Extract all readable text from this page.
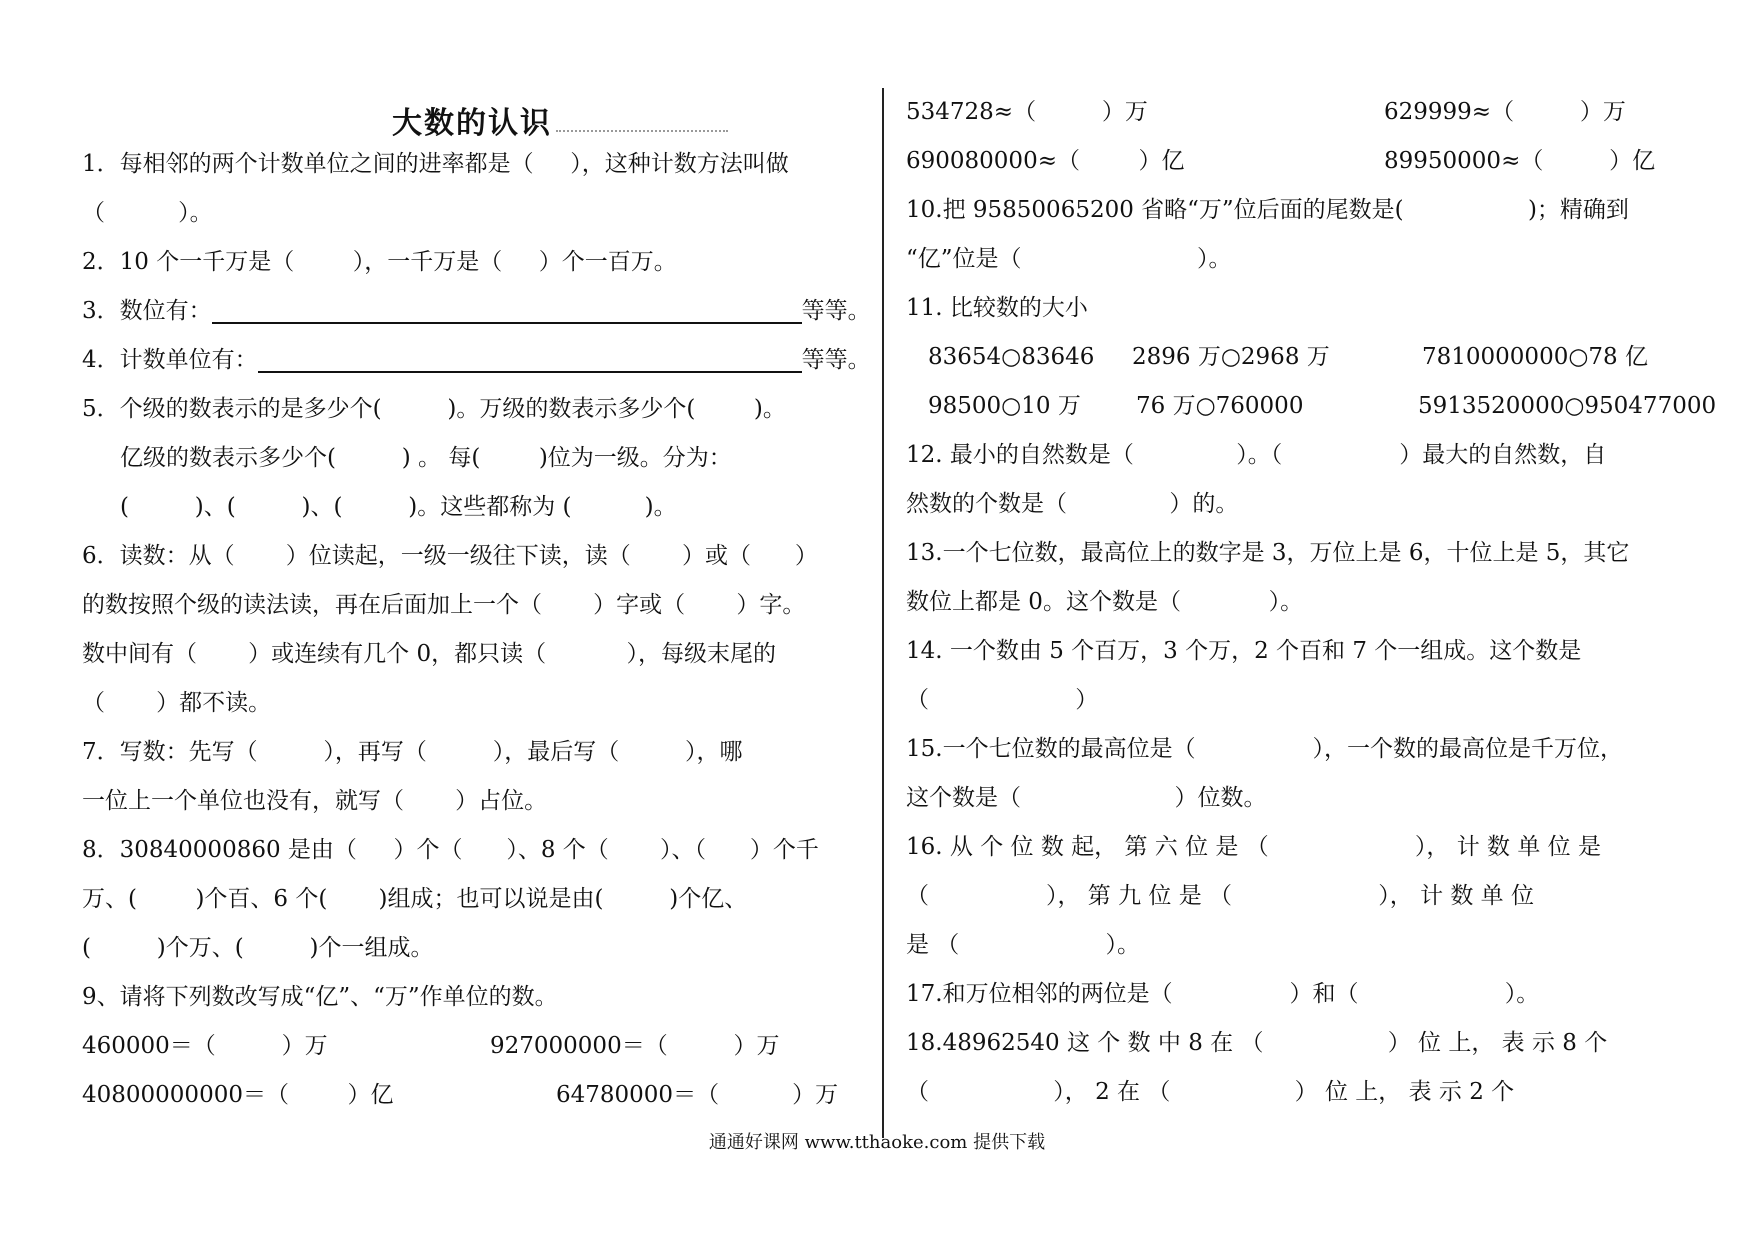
大数的认识
1．每相邻的两个计数单位之间的进率都是（     ），这种计数方法叫做
（          ）。
2．10 个一千万是（        ），一千万是（     ）个一百万。
3．数位有：	等等。
4．计数单位有：	等等。
5．个级的数表示的是多少个(         )。万级的数表示多少个(        )。
亿级的数表示多少个(         ) 。 每(        )位为一级。分为：
(         )、(         )、(         )。这些都称为 (          )。
6．读数：从（       ）位读起，一级一级往下读，读（       ）或（      ）
的数按照个级的读法读，再在后面加上一个（       ）字或（       ）字。
数中间有（       ）或连续有几个 0，都只读（           ），每级末尾的
（       ）都不读。
7．写数：先写（         ），再写（         ），最后写（         ），哪
一位上一个单位也没有，就写（       ）占位。
8．30840000860 是由（     ）个（      ）、8 个（       ）、（      ）个千
万、(        )个百、6 个(       )组成；也可以说是由(         )个亿、
(         )个万、(         )个一组成。
9、请将下列数改写成“亿”、“万”作单位的数。
460000＝（         ）万	927000000＝（         ）万
40800000000＝（        ）亿	64780000＝（          ）万
534728≈（         ）万	629999≈（         ）万
690080000≈（        ）亿	89950000≈（         ）亿
10.把 95850065200 省略“万”位后面的尾数是(                 )；精确到
“亿”位是（                        ）。
11. 比较数的大小
83654○83646 2896 万○2968 万	7810000000○78 亿
98500○10 万 76 万○760000	5913520000○950477000
12. 最小的自然数是（              ）。（                ）最大的自然数，自
然数的个数是（              ）的。
13.一个七位数，最高位上的数字是 3，万位上是 6，十位上是 5，其它
数位上都是 0。这个数是（            ）。
14. 一个数由 5 个百万，3 个万，2 个百和 7 个一组成。这个数是
（                    ）
15.一个七位数的最高位是（                ），一个数的最高位是千万位，
这个数是（                     ）位数。
16. 从 个 位 数 起， 第 六 位 是 （                    ）， 计 数 单 位 是
（                ）， 第 九 位 是 （                    ）， 计 数 单 位
是 （                    ）。
17.和万位相邻的两位是（                ）和（                    ）。
18.48962540 这 个 数 中 8 在 （                 ） 位 上， 表 示 8 个
（                 ）， 2 在 （                 ） 位 上， 表 示 2 个
通通好课网 www.tthaoke.com 提供下载
